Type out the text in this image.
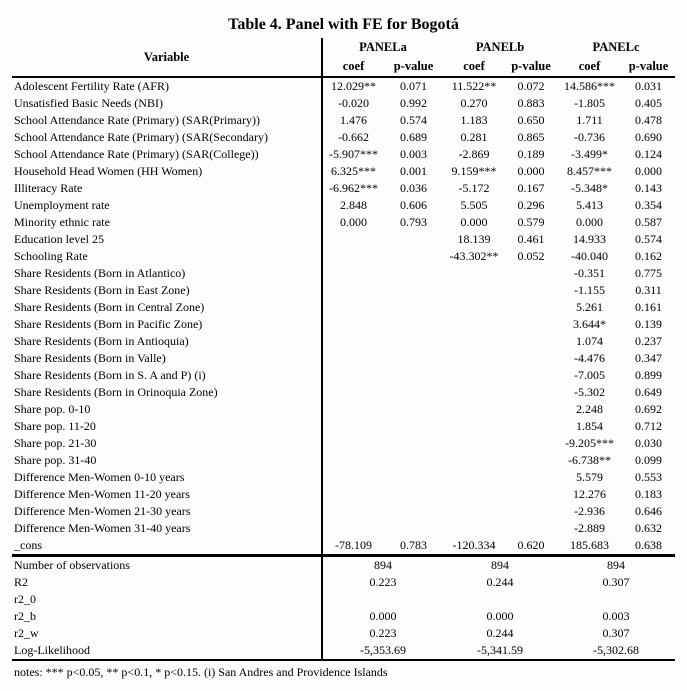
Table 4. Panel with FE for Bogotá
Variable	PANELa		PANELb		PANELc	
	coef	p-value	coef	p-value	coef	p-value
Adolescent Fertility Rate (AFR)	12.029**	0.071	11.522**	0.072	14.586***	0.031
Unsatisfied Basic Needs (NBI)	-0.020	0.992	0.270	0.883	-1.805	0.405
School Attendance Rate (Primary) (SAR(Primary))	1.476	0.574	1.183	0.650	1.711	0.478
School Attendance Rate (Primary) (SAR(Secondary)	-0.662	0.689	0.281	0.865	-0.736	0.690
School Attendance Rate (Primary) (SAR(College))	-5.907***	0.003	-2.869	0.189	-3.499*	0.124
Household Head Women (HH Women)	6.325***	0.001	9.159***	0.000	8.457***	0.000
Illiteracy Rate	-6.962***	0.036	-5.172	0.167	-5.348*	0.143
Unemployment rate	2.848	0.606	5.505	0.296	5.413	0.354
Minority ethnic rate	0.000	0.793	0.000	0.579	0.000	0.587
Education level 25			18.139	0.461	14.933	0.574
Schooling Rate			-43.302**	0.052	-40.040	0.162
Share Residents (Born in Atlantico)					-0.351	0.775
Share Residents (Born in East Zone)					-1.155	0.311
Share Residents (Born in Central Zone)					5.261	0.161
Share Residents (Born in Pacific Zone)					3.644*	0.139
Share Residents (Born in Antioquia)					1.074	0.237
Share Residents (Born in Valle)					-4.476	0.347
Share Residents (Born in S. A and P) (i)					-7.005	0.899
Share Residents (Born in Orinoquia Zone)					-5.302	0.649
Share pop. 0-10					2.248	0.692
Share pop. 11-20					1.854	0.712
Share pop. 21-30					-9.205***	0.030
Share pop. 31-40					-6.738**	0.099
Difference Men-Women 0-10 years					5.579	0.553
Difference Men-Women 11-20 years					12.276	0.183
Difference Men-Women 21-30 years					-2.936	0.646
Difference Men-Women 31-40 years					-2.889	0.632
_cons	-78.109	0.783	-120.334	0.620	185.683	0.638
Number of observations	894		894		894	
R2	0.223		0.244		0.307	
r2_0						
r2_b	0.000		0.000		0.003	
r2_w	0.223		0.244		0.307	
Log-Likelihood	-5,353.69		-5,341.59		-5,302.68	

notes: *** p<0.05, ** p<0.1, * p<0.15. (i) San Andres and Providence Islands
